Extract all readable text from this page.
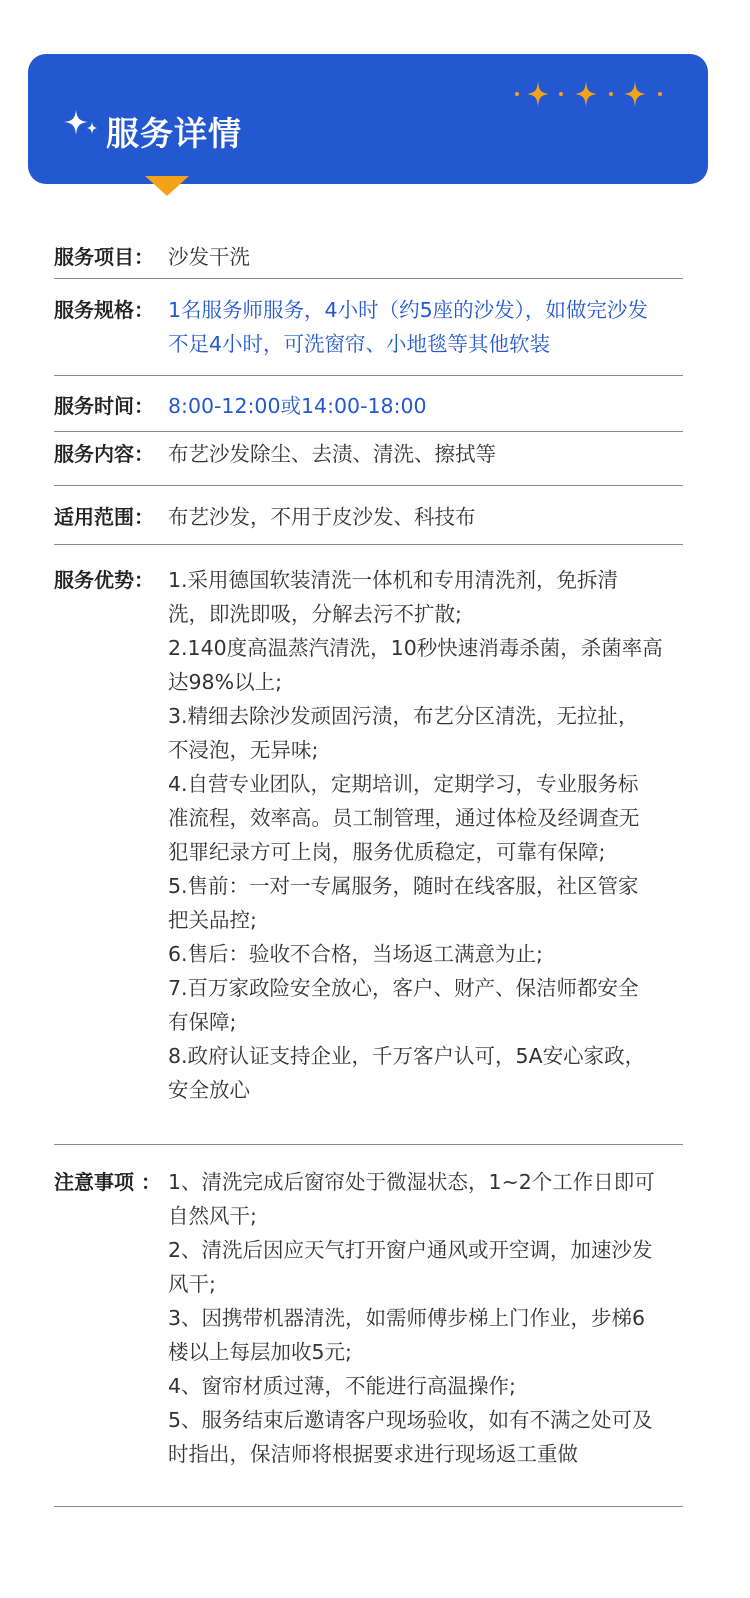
服务详情
服务项目： 沙发干洗
服务规格： 1名服务师服务，4小时（约5座的沙发），如做完沙发

不足4小时，可洗窗帘、小地毯等其他软装

服务时间： 8:00-12:00或14:00-18:00
服务内容： 布艺沙发除尘、去渍、清洗、擦拭等
适用范围： 布艺沙发，不用于皮沙发、科技布
服务优势： 1.采用德国软装清洗一体机和专用清洗剂，免拆清

洗，即洗即吸，分解去污不扩散;

2.140度高温蒸汽清洗，10秒快速消毒杀菌，杀菌率高

达98%以上;

3.精细去除沙发顽固污渍，布艺分区清洗，无拉扯，

不浸泡，无异味;

4.自营专业团队，定期培训，定期学习，专业服务标

准流程，效率高。员工制管理，通过体检及经调查无

犯罪纪录方可上岗，服务优质稳定，可靠有保障;

5.售前：一对一专属服务，随时在线客服，社区管家

把关品控;

6.售后：验收不合格，当场返工满意为止;

7.百万家政险安全放心，客户、财产、保洁师都安全

有保障;

8.政府认证支持企业，千万客户认可，5A安心家政，

安全放心

注意事项 ： 1、清洗完成后窗帘处于微湿状态，1~2个工作日即可

自然风干;

2、清洗后因应天气打开窗户通风或开空调，加速沙发

风干;

3、因携带机器清洗，如需师傅步梯上门作业，步梯6

楼以上每层加收5元;

4、窗帘材质过薄，不能进行高温操作;

5、服务结束后邀请客户现场验收，如有不满之处可及

时指出，保洁师将根据要求进行现场返工重做
